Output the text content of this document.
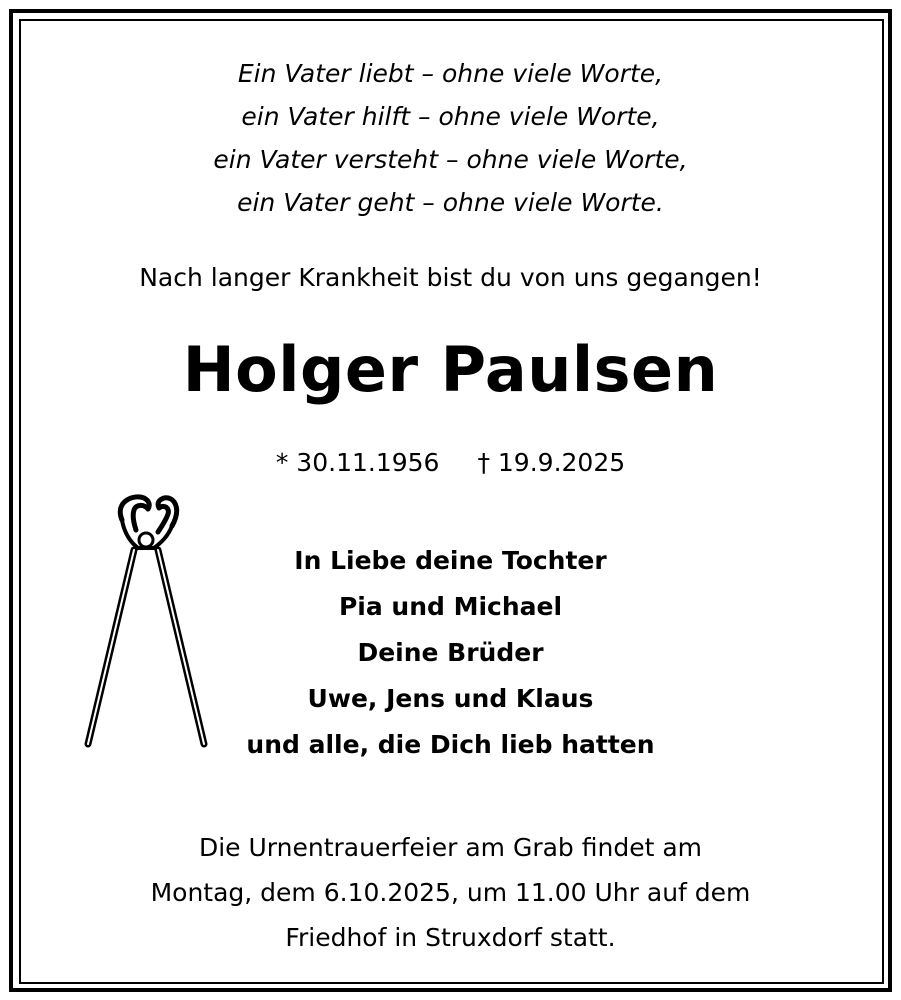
Ein Vater liebt – ohne viele Worte,
ein Vater hilft – ohne viele Worte,
ein Vater versteht – ohne viele Worte,
ein Vater geht – ohne viele Worte.
Nach langer Krankheit bist du von uns gegangen!
Holger Paulsen
* 30.11.1956 † 19.9.2025
In Liebe deine Tochter
Pia und Michael
Deine Brüder
Uwe, Jens und Klaus
und alle, die Dich lieb hatten
Die Urnentrauerfeier am Grab findet am
Montag, dem 6.10.2025, um 11.00 Uhr auf dem
Friedhof in Struxdorf statt.
